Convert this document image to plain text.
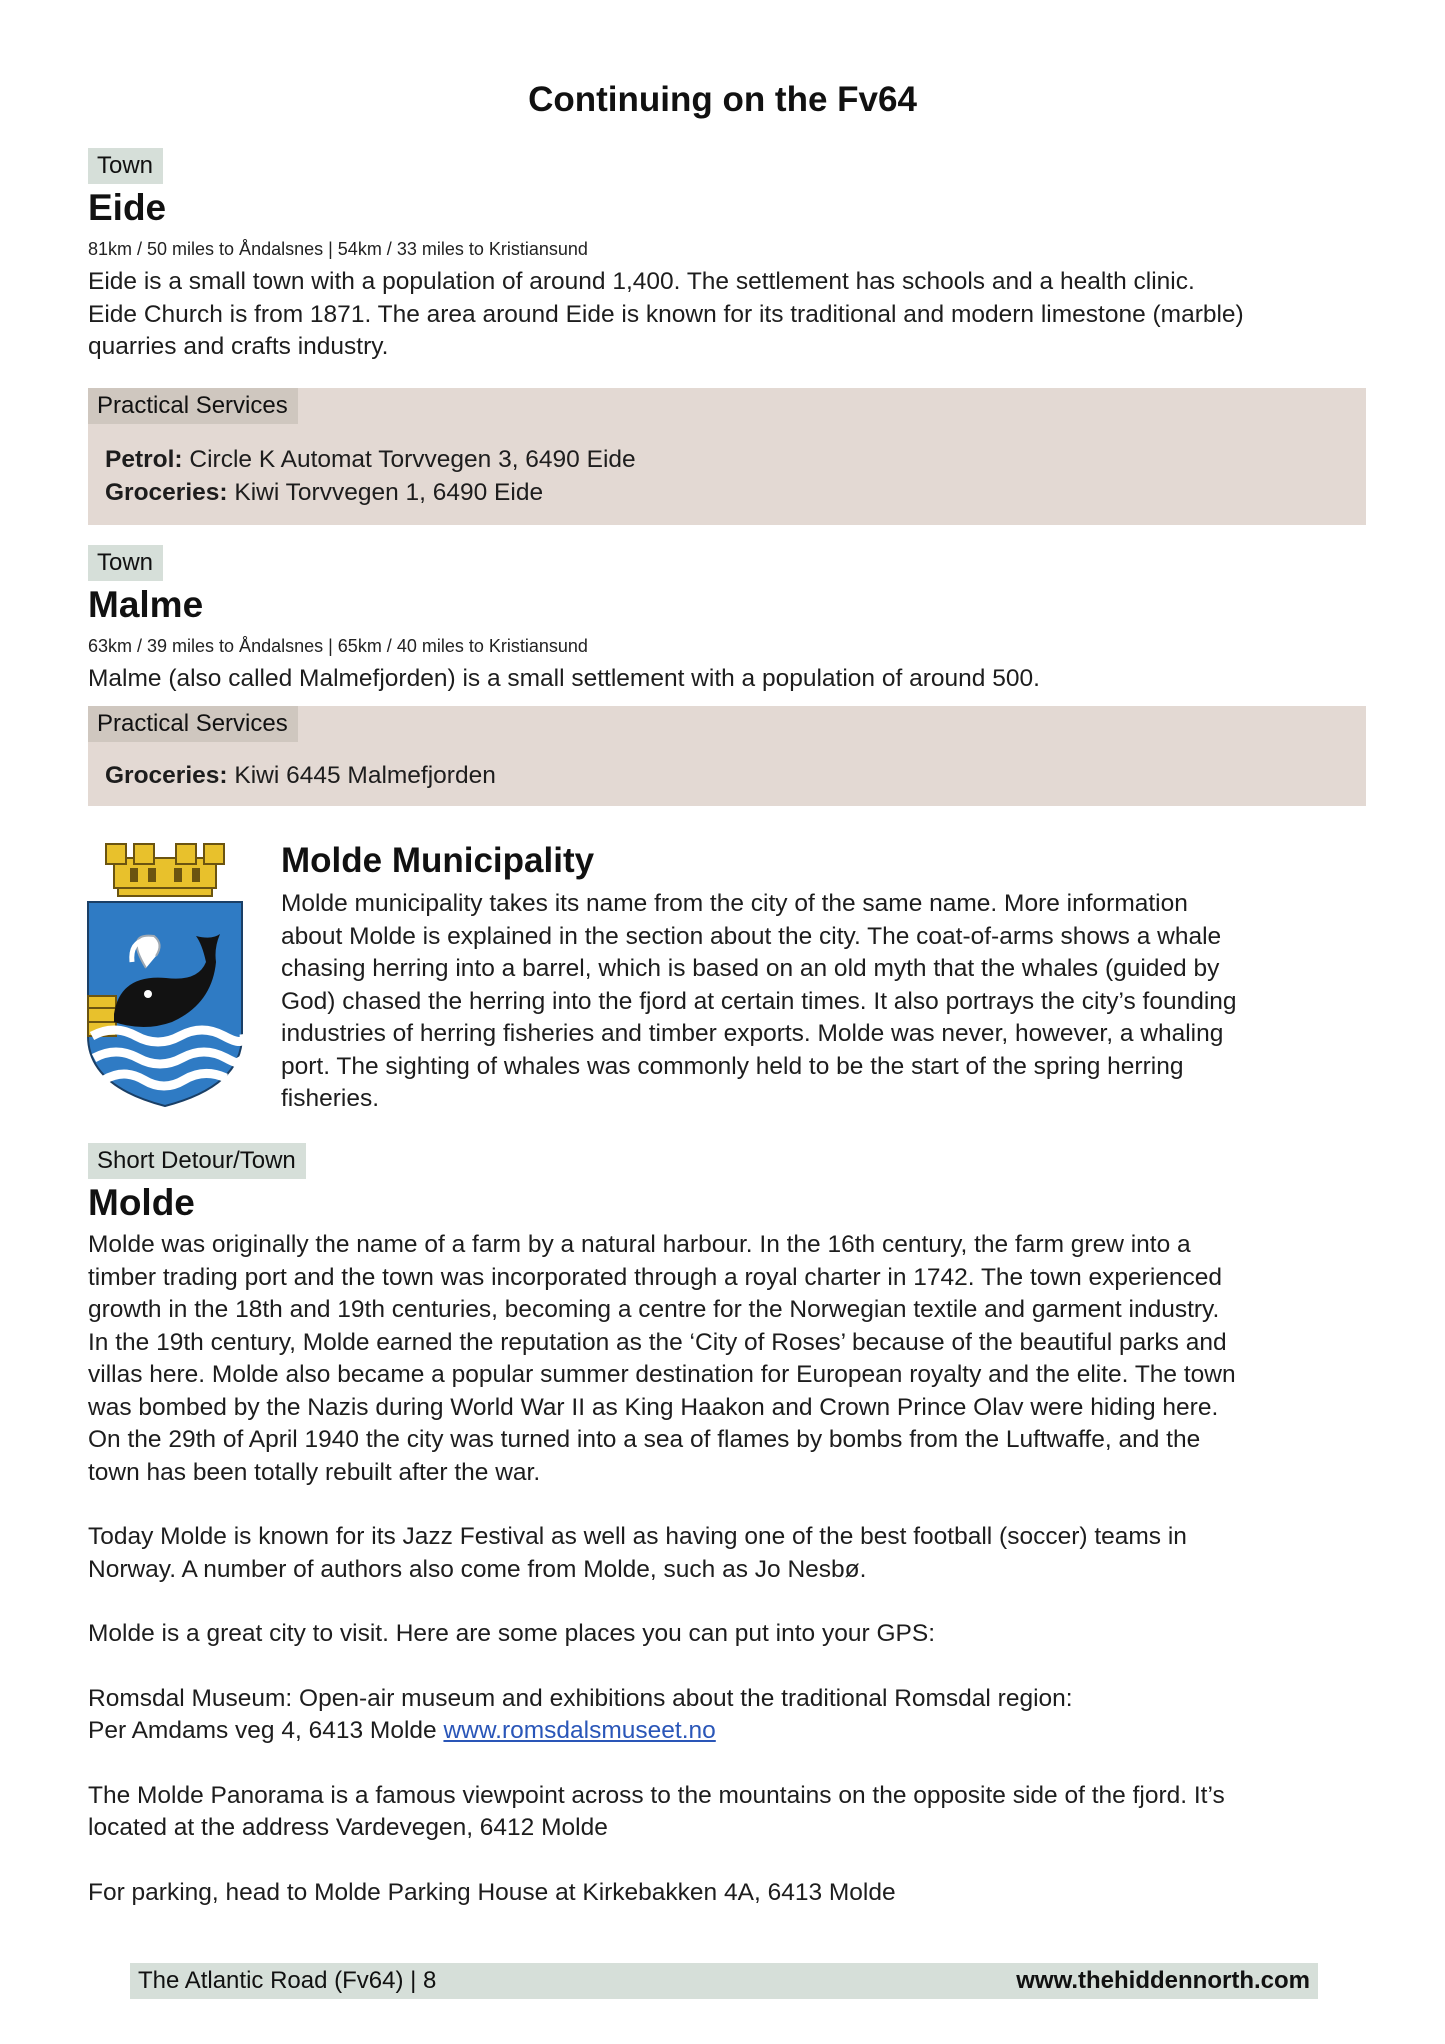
Continuing on the Fv64
Town
Eide

81km / 50 miles to Åndalsnes | 54km / 33 miles to Kristiansund

Eide is a small town with a population of around 1,400. The settlement has schools and a health clinic.

Eide Church is from 1871. The area around Eide is known for its traditional and modern limestone (marble)

quarries and crafts industry.

Practical Services

Petrol: Circle K Automat Torvvegen 3, 6490 Eide

Groceries: Kiwi Torvvegen 1, 6490 Eide

Town
Malme

63km / 39 miles to Åndalsnes | 65km / 40 miles to Kristiansund

Malme (also called Malmefjorden) is a small settlement with a population of around 500.

Practical Services

Groceries: Kiwi 6445 Malmefjorden

Molde Municipality

Molde municipality takes its name from the city of the same name. More information

about Molde is explained in the section about the city. The coat-of-arms shows a whale

chasing herring into a barrel, which is based on an old myth that the whales (guided by

God) chased the herring into the fjord at certain times. It also portrays the city’s founding

industries of herring fisheries and timber exports. Molde was never, however, a whaling

port. The sighting of whales was commonly held to be the start of the spring herring

fisheries.

Short Detour/Town
Molde

Molde was originally the name of a farm by a natural harbour. In the 16th century, the farm grew into a

timber trading port and the town was incorporated through a royal charter in 1742. The town experienced

growth in the 18th and 19th centuries, becoming a centre for the Norwegian textile and garment industry.

In the 19th century, Molde earned the reputation as the ‘City of Roses’ because of the beautiful parks and

villas here. Molde also became a popular summer destination for European royalty and the elite. The town

was bombed by the Nazis during World War II as King Haakon and Crown Prince Olav were hiding here.

On the 29th of April 1940 the city was turned into a sea of flames by bombs from the Luftwaffe, and the

town has been totally rebuilt after the war.

Today Molde is known for its Jazz Festival as well as having one of the best football (soccer) teams in

Norway. A number of authors also come from Molde, such as Jo Nesbø.

Molde is a great city to visit. Here are some places you can put into your GPS:

Romsdal Museum: Open-air museum and exhibitions about the traditional Romsdal region:

Per Amdams veg 4, 6413 Molde www.romsdalsmuseet.no

The Molde Panorama is a famous viewpoint across to the mountains on the opposite side of the fjord. It’s

located at the address Vardevegen, 6412 Molde

For parking, head to Molde Parking House at Kirkebakken 4A, 6413 Molde

The Atlantic Road (Fv64) | 8	www.thehiddennorth.com
